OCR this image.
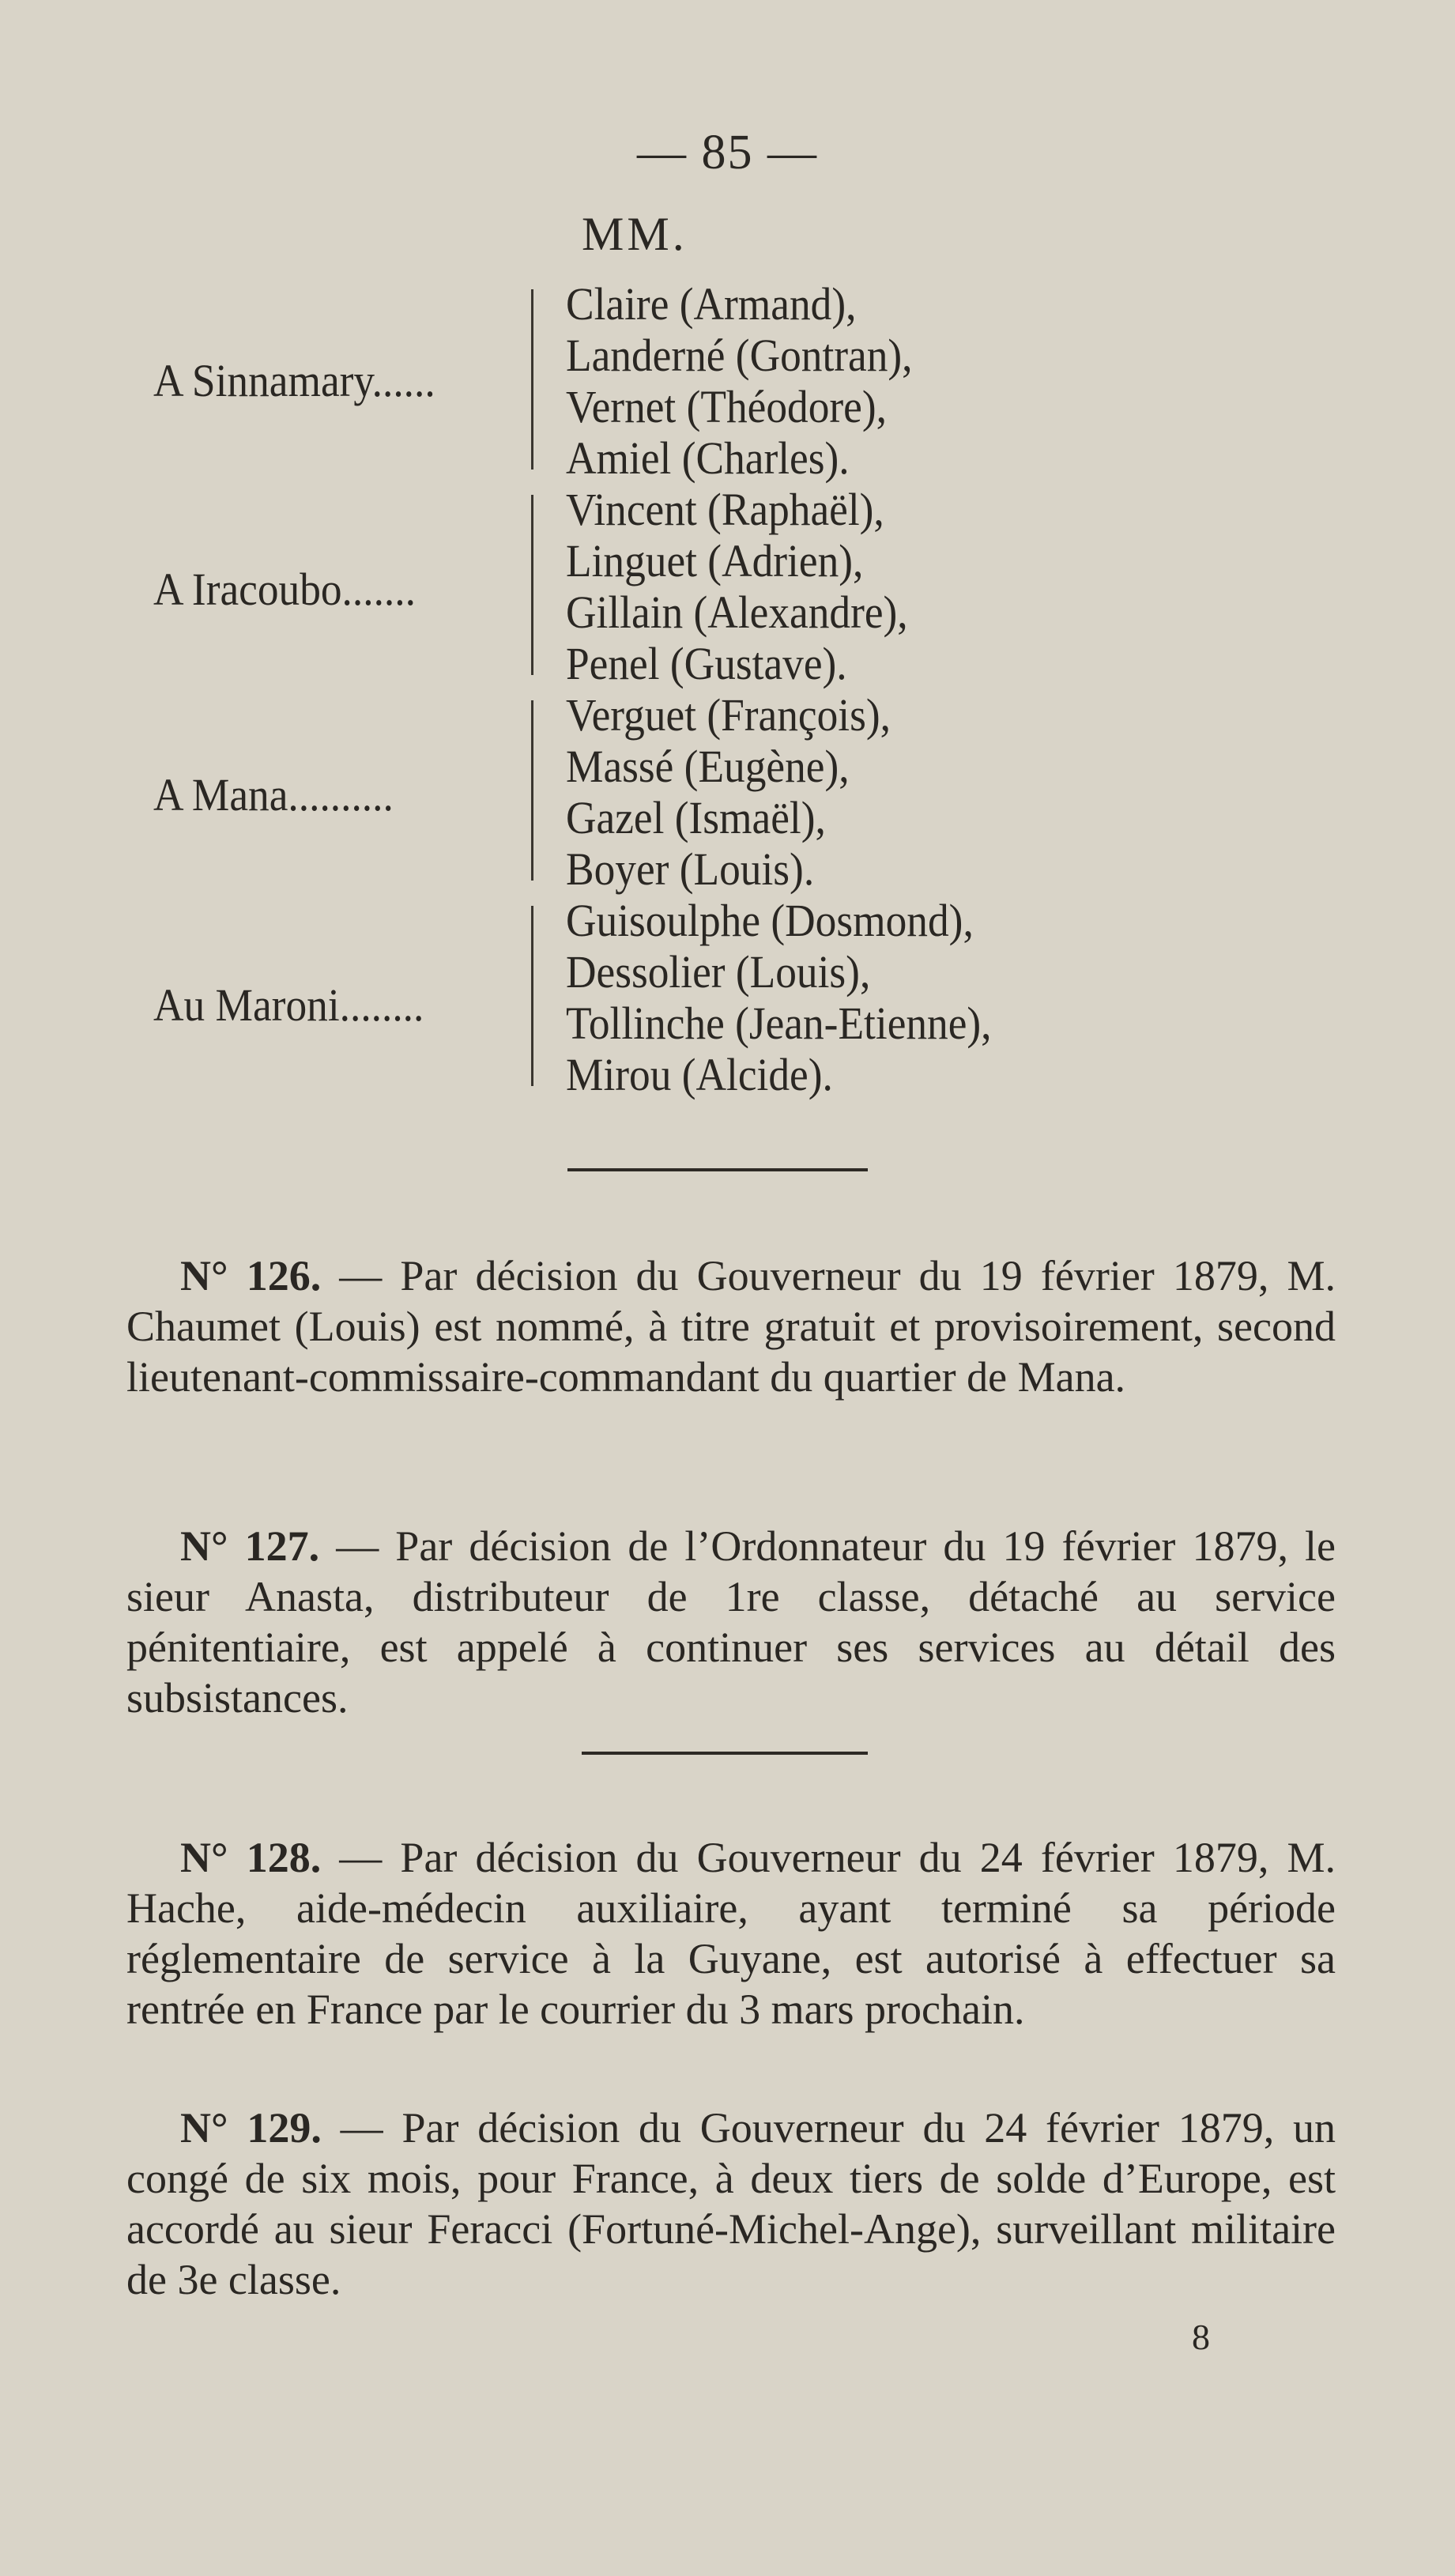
— 85 —
MM.
A Sinnamary......
Claire (Armand),
Landerné (Gontran),
Vernet (Théodore),
Amiel (Charles).
A Iracoubo.......
Vincent (Raphaël),
Linguet (Adrien),
Gillain (Alexandre),
Penel (Gustave).
A Mana..........
Verguet (François),
Massé (Eugène),
Gazel (Ismaël),
Boyer (Louis).
Au Maroni........
Guisoulphe (Dosmond),
Dessolier (Louis),
Tollinche (Jean-Etienne),
Mirou (Alcide).

N° 126. — Par décision du Gouverneur du 19 février 1879, M. Chaumet (Louis) est nommé, à titre gratuit et provisoirement, second lieutenant-commissaire-commandant du quartier de Mana.

N° 127. — Par décision de l’Ordonnateur du 19 février 1879, le sieur Anasta, distributeur de 1re classe, détaché au service pénitentiaire, est appelé à continuer ses services au détail des subsistances.

N° 128. — Par décision du Gouverneur du 24 février 1879, M. Hache, aide-médecin auxiliaire, ayant terminé sa période réglementaire de service à la Guyane, est autorisé à effectuer sa rentrée en France par le courrier du 3 mars prochain.

N° 129. — Par décision du Gouverneur du 24 février 1879, un congé de six mois, pour France, à deux tiers de solde d’Europe, est accordé au sieur Feracci (Fortuné-Michel-Ange), surveillant militaire de 3e classe.

8
